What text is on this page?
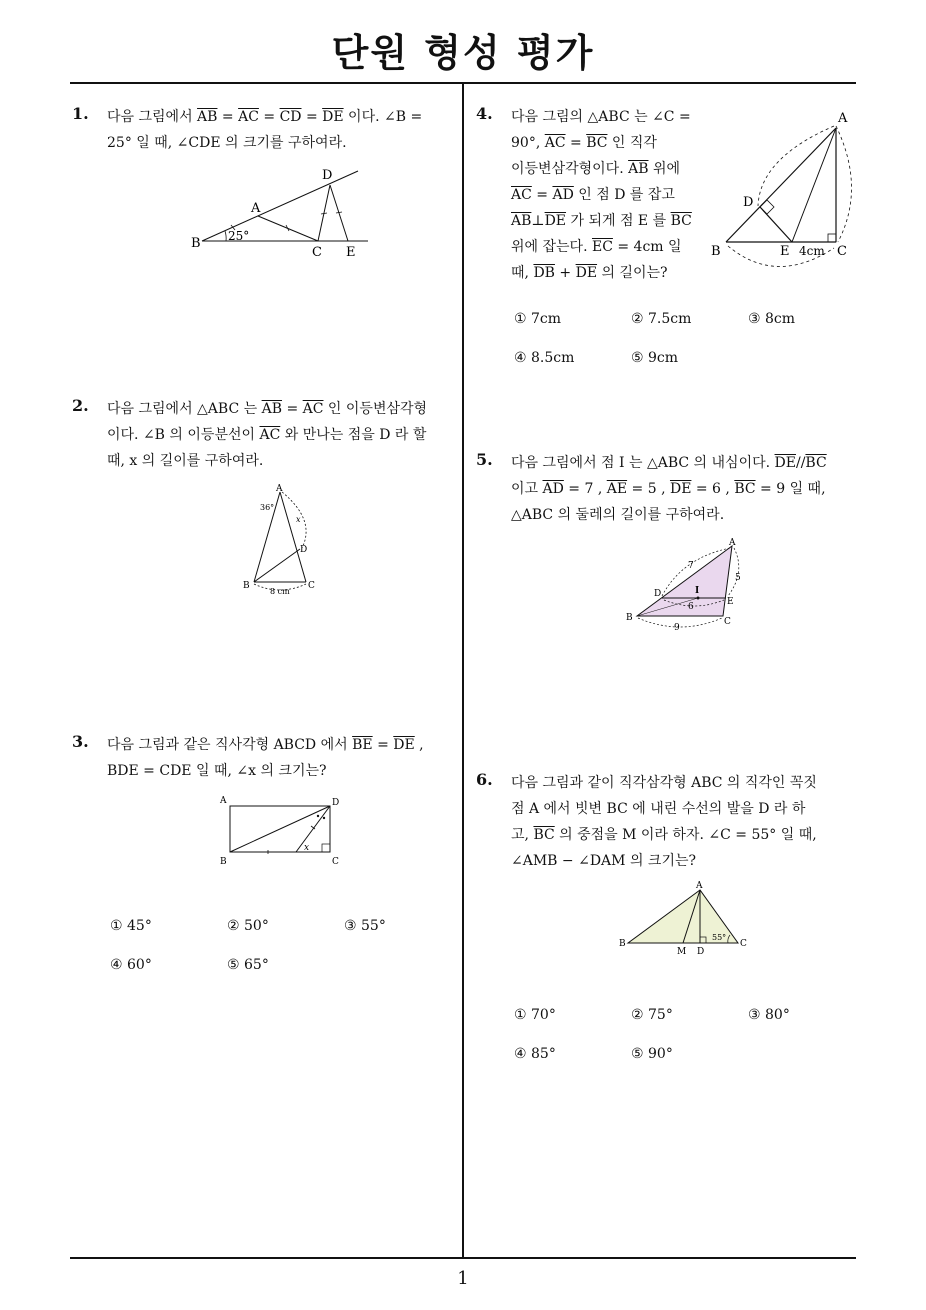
단원 형성 평가
1
1. 다음 그림에서 $\overline{AB} = \overline{AC} = \overline{CD} = \overline{DE}$ 이다. ∠B =
25° 일 때, ∠CDE 의 크기를 구하여라.
B
A
C
D
E
25°
2. 다음 그림에서 △ABC 는 $\overline{AB} = \overline{AC}$ 인 이등변삼각형
이다. ∠B 의 이등분선이 $\overline{AC}$ 와 만나는 점을 D 라 할
때, x 의 길이를 구하여라.
A
B	C
D
36°
x
8 cm
3. 다음 그림과 같은 직사각형 ABCD 에서 $\overline{BE} = \overline{DE}$ ,
BDE = CDE 일 때, ∠x 의 크기는?
A
B	C
D
x
① 45°	② 50°	③ 55°
④ 60°	⑤ 65°
4. 다음 그림의 △ABC 는 ∠C =
90°, $\overline{AC} = \overline{BC}$ 인 직각
이등변삼각형이다. $\overline{AB}$ 위에
$\overline{AC} = \overline{AD}$ 인 점 D 를 잡고
$\overline{AB}\perp\overline{DE}$ 가 되게 점 E 를 $\overline{BC}$
위에 잡는다. $\overline{EC} = 4cm$ 일
때, $\overline{DB} + \overline{DE}$ 의 길이는?
A
B	C
D
E 4cm
① 7cm	② 7.5cm	③ 8cm
④ 8.5cm	⑤ 9cm
5. 다음 그림에서 점 I 는 △ABC 의 내심이다. $\overline{DE}//\overline{BC}$
이고 $\overline{AD} = 7$ , $\overline{AE} = 5$ , $\overline{DE} = 6$ , $\overline{BC} = 9$ 일 때,
△ABC 의 둘레의 길이를 구하여라.
A
B	C
D
E
I
7
5
6
9
6. 다음 그림과 같이 직각삼각형 ABC 의 직각인 꼭짓
점 A 에서 빗변 BC 에 내린 수선의 발을 D 라 하
고, $\overline{BC}$ 의 중점을 M 이라 하자. ∠C = 55° 일 때,
∠AMB − ∠DAM 의 크기는?
A
B	C
D
M
55°
① 70°	② 75°	③ 80°
④ 85°	⑤ 90°
